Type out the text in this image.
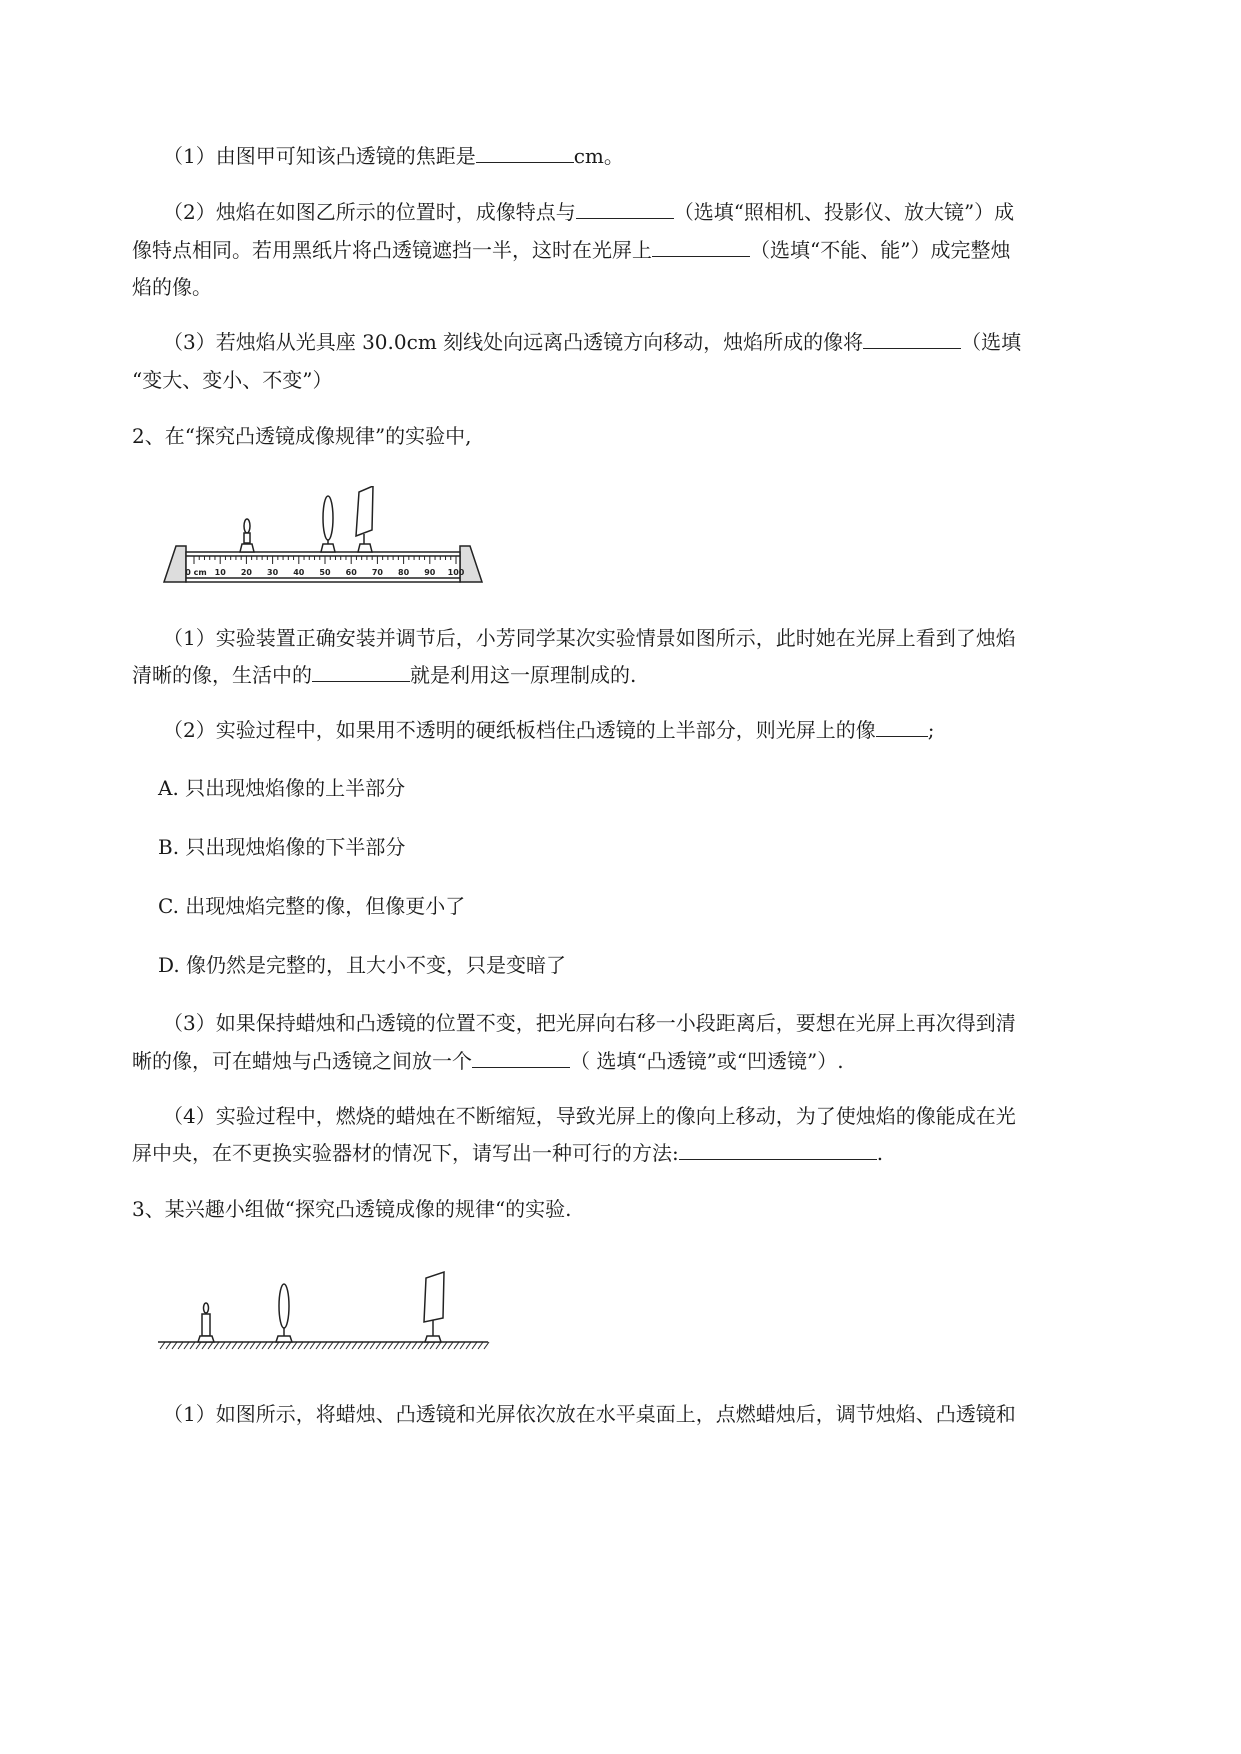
（1）由图甲可知该凸透镜的焦距是	cm。
（2）烛焰在如图乙所示的位置时，成像特点与	（选填“照相机、投影仪、放大镜”）成
像特点相同。若用黑纸片将凸透镜遮挡一半，这时在光屏上	（选填“不能、能”）成完整烛
焰的像。
（3）若烛焰从光具座 30.0cm 刻线处向远离凸透镜方向移动，烛焰所成的像将	（选填
“变大、变小、不变”）
2、在“探究凸透镜成像规律”的实验中,
0 cm 10 20 30 40 50 60 70 80 90 100
（1）实验装置正确安装并调节后，小芳同学某次实验情景如图所示，此时她在光屏上看到了烛焰
清晰的像，生活中的	就是利用这一原理制成的.
（2）实验过程中，如果用不透明的硬纸板档住凸透镜的上半部分，则光屏上的像	;
A. 只出现烛焰像的上半部分
B. 只出现烛焰像的下半部分
C. 出现烛焰完整的像，但像更小了
D. 像仍然是完整的，且大小不变，只是变暗了
（3）如果保持蜡烛和凸透镜的位置不变，把光屏向右移一小段距离后，要想在光屏上再次得到清
晰的像，可在蜡烛与凸透镜之间放一个	（ 选填“凸透镜”或“凹透镜”）.
（4）实验过程中，燃烧的蜡烛在不断缩短，导致光屏上的像向上移动，为了使烛焰的像能成在光
屏中央，在不更换实验器材的情况下，请写出一种可行的方法:	.
3、某兴趣小组做“探究凸透镜成像的规律“的实验.
（1）如图所示，将蜡烛、凸透镜和光屏依次放在水平桌面上，点燃蜡烛后，调节烛焰、凸透镜和
